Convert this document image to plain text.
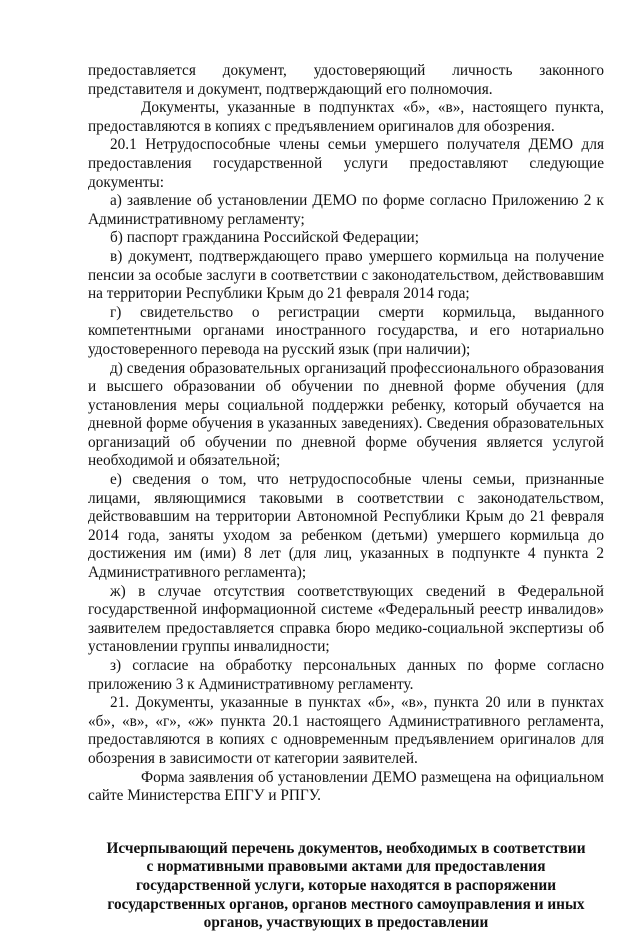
предоставляется документ, удостоверяющий личность законного представителя и документ, подтверждающий его полномочия.

Документы, указанные в подпунктах «б», «в», настоящего пункта, предоставляются в копиях с предъявлением оригиналов для обозрения.

20.1 Нетрудоспособные члены семьи умершего получателя ДЕМО для предоставления государственной услуги предоставляют следующие документы:

а) заявление об установлении ДЕМО по форме согласно Приложению 2 к Административному регламенту;

б) паспорт гражданина Российской Федерации;

в) документ, подтверждающего право умершего кормильца на получение пенсии за особые заслуги в соответствии с законодательством, действовавшим на территории Республики Крым до 21 февраля 2014 года;

г) свидетельство о регистрации смерти кормильца, выданного компетентными органами иностранного государства, и его нотариально удостоверенного перевода на русский язык (при наличии);

д) сведения образовательных организаций профессионального образования и высшего образовании об обучении по дневной форме обучения (для установления меры социальной поддержки ребенку, который обучается на дневной форме обучения в указанных заведениях). Сведения образовательных организаций об обучении по дневной форме обучения является услугой необходимой и обязательной;

е) сведения о том, что нетрудоспособные члены семьи, признанные лицами, являющимися таковыми в соответствии с законодательством, действовавшим на территории Автономной Республики Крым до 21 февраля 2014 года, заняты уходом за ребенком (детьми) умершего кормильца до достижения им (ими) 8 лет (для лиц, указанных в подпункте 4 пункта 2 Административного регламента);

ж) в случае отсутствия соответствующих сведений в Федеральной государственной информационной системе «Федеральный реестр инвалидов» заявителем предоставляется справка бюро медико-социальной экспертизы об установлении группы инвалидности;

з) согласие на обработку персональных данных по форме согласно приложению 3 к Административному регламенту.

21. Документы, указанные в пунктах «б», «в», пункта 20 или в пунктах «б», «в», «г», «ж» пункта 20.1 настоящего Административного регламента, предоставляются в копиях с одновременным предъявлением оригиналов для обозрения в зависимости от категории заявителей.

Форма заявления об установлении ДЕМО размещена на официальном сайте Министерства ЕПГУ и РПГУ.

Исчерпывающий перечень документов, необходимых в соответствии с нормативными правовыми актами для предоставления государственной услуги, которые находятся в распоряжении государственных органов, органов местного самоуправления и иных органов, участвующих в предоставлении
